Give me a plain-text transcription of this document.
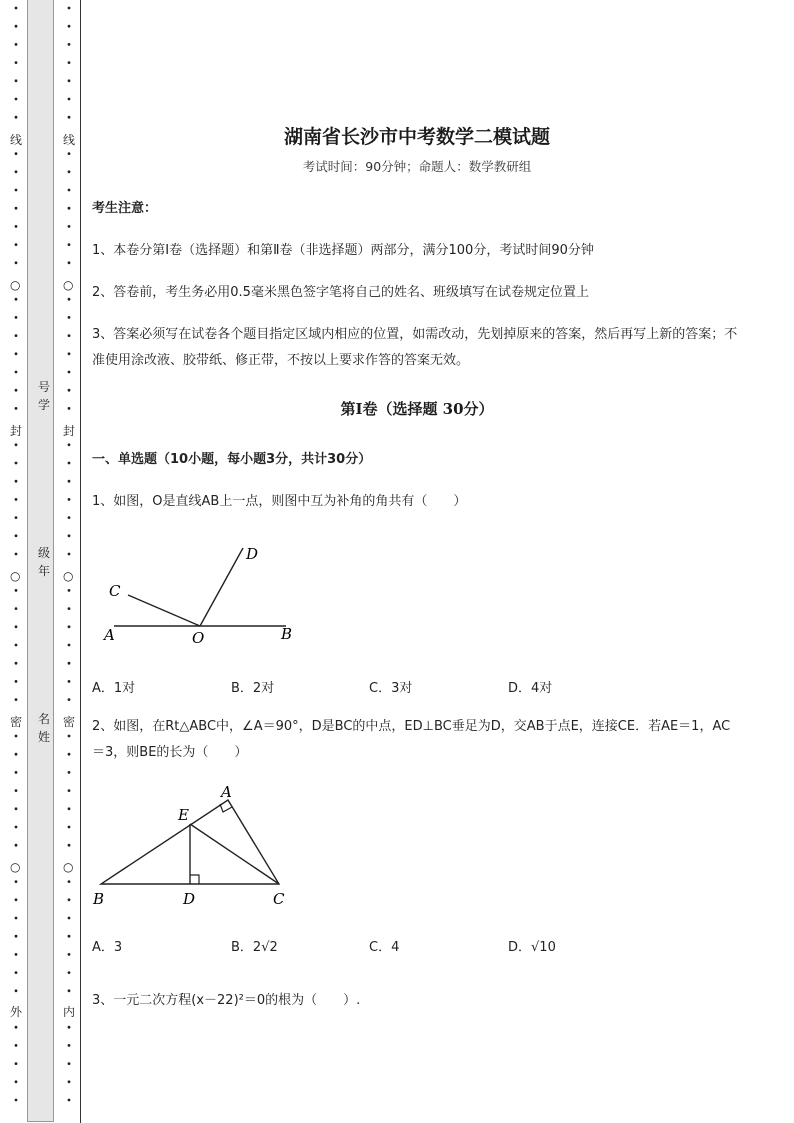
线
○
封
○
密
○
外
线
○
封
○
密
○
内
号
学
级
年
名
姓
湖南省长沙市中考数学二模试题
考试时间：90分钟；命题人：数学教研组
考生注意：
1、本卷分第Ⅰ卷（选择题）和第Ⅱ卷（非选择题）两部分，满分100分，考试时间90分钟
2、答卷前，考生务必用0.5毫米黑色签字笔将自己的姓名、班级填写在试卷规定位置上
3、答案必须写在试卷各个题目指定区域内相应的位置，如需改动，先划掉原来的答案，然后再写上新的答案；不准使用涂改液、胶带纸、修正带，不按以上要求作答的答案无效。
第Ⅰ卷（选择题 30分）
一、单选题（10小题，每小题3分，共计30分）
1、如图，O是直线AB上一点，则图中互为补角的角共有（　　）
A	O	B
C
D
A．1对	B．2对	C．3对	D．4对
2、如图，在Rt△ABC中，∠A＝90°，D是BC的中点，ED⊥BC垂足为D，交AB于点E，连接CE．若AE＝1，AC＝3，则BE的长为（　　）
A
E
B	D	C
A．3	B．2√2	C．4	D．√10
3、一元二次方程(x－22)²＝0的根为（　　）.
